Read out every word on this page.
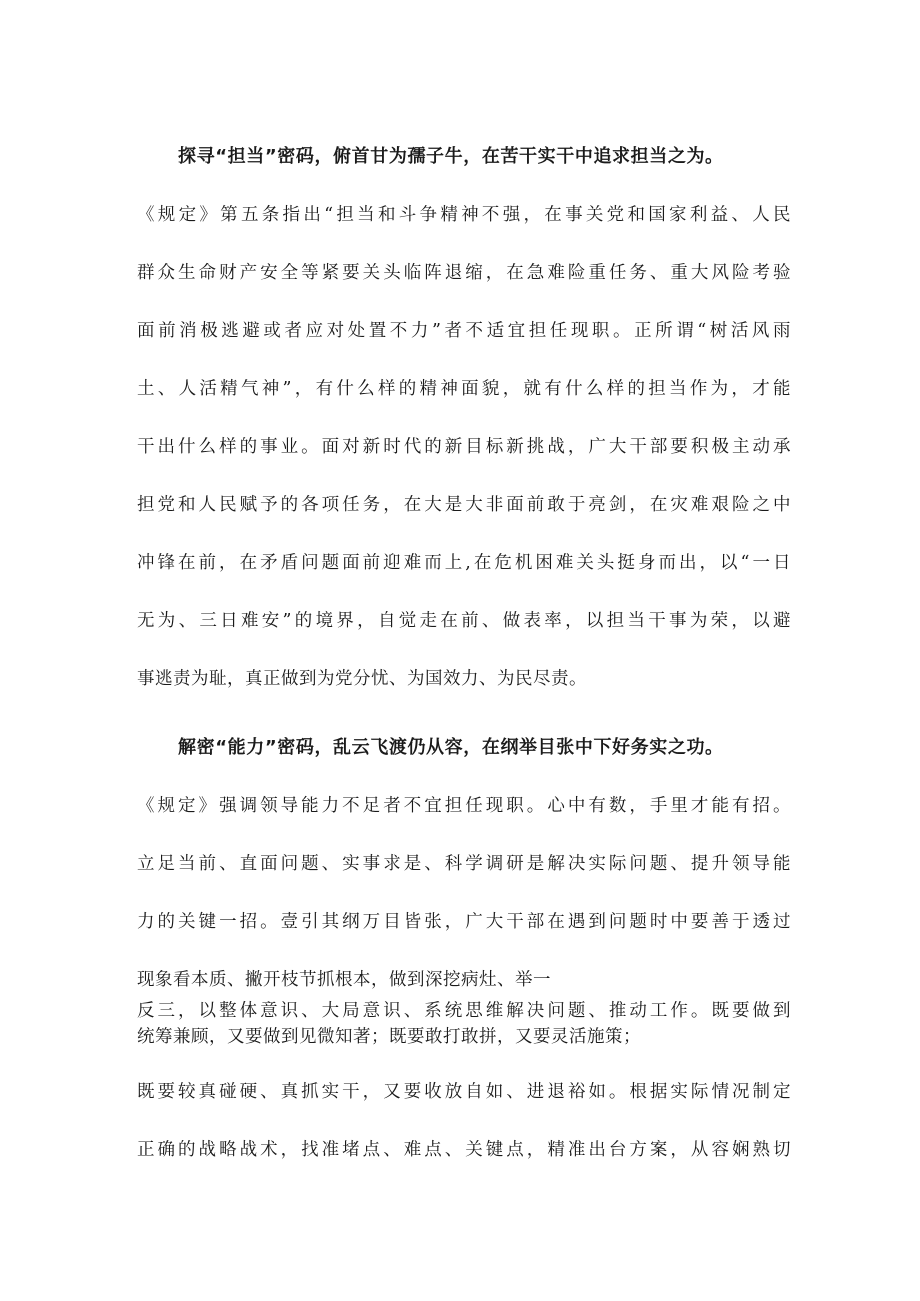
探寻“担当”密码，俯首甘为孺子牛，在苦干实干中追求担当之为。
《规定》第五条指出“担当和斗争精神不强，在事关党和国家利益、人民
群众生命财产安全等紧要关头临阵退缩，在急难险重任务、重大风险考验
面前消极逃避或者应对处置不力”者不适宜担任现职。正所谓“树活风雨
土、人活精气神”，有什么样的精神面貌，就有什么样的担当作为，才能
干出什么样的事业。面对新时代的新目标新挑战，广大干部要积极主动承
担党和人民赋予的各项任务，在大是大非面前敢于亮剑，在灾难艰险之中
冲锋在前，在矛盾问题面前迎难而上,在危机困难关头挺身而出，以“一日
无为、三日难安”的境界，自觉走在前、做表率，以担当干事为荣，以避
事逃责为耻，真正做到为党分忧、为国效力、为民尽责。
解密“能力”密码，乱云飞渡仍从容，在纲举目张中下好务实之功。
《规定》强调领导能力不足者不宜担任现职。心中有数，手里才能有招。
立足当前、直面问题、实事求是、科学调研是解决实际问题、提升领导能
力的关键一招。壹引其纲万目皆张，广大干部在遇到问题时中要善于透过
现象看本质、撇开枝节抓根本，做到深挖病灶、举一
反三，以整体意识、大局意识、系统思维解决问题、推动工作。既要做到
统筹兼顾，又要做到见微知著；既要敢打敢拼，又要灵活施策；
既要较真碰硬、真抓实干，又要收放自如、进退裕如。根据实际情况制定
正确的战略战术，找准堵点、难点、关键点，精准出台方案，从容娴熟切
